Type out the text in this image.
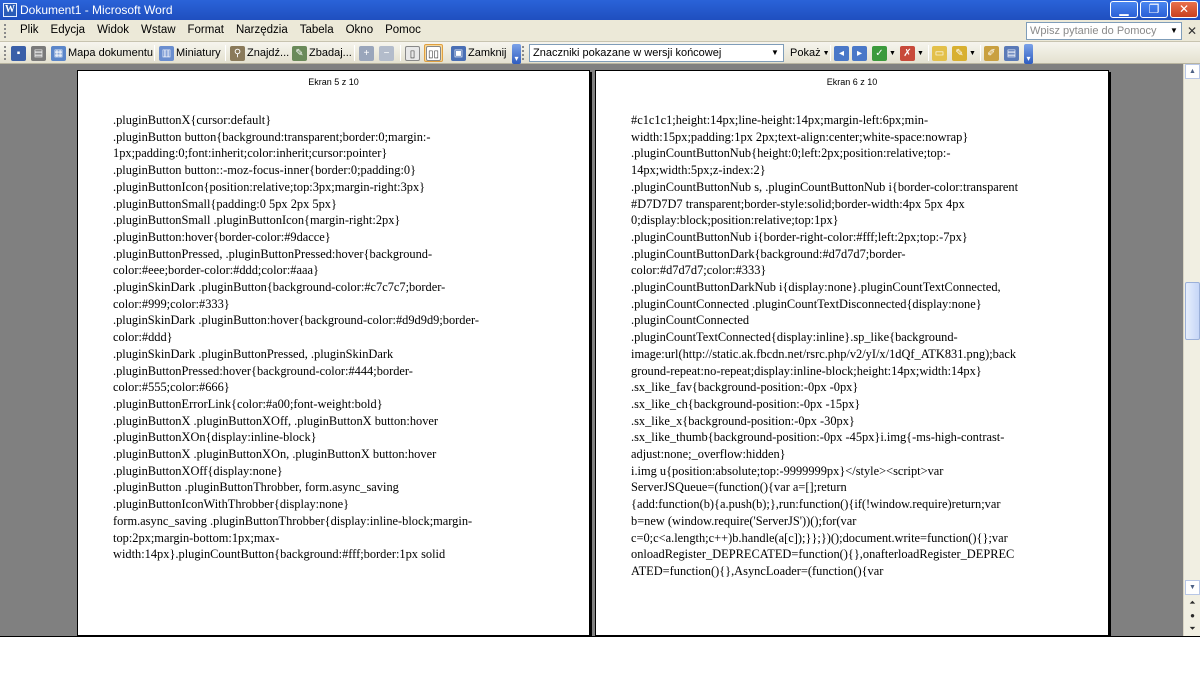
W Dokument1 - Microsoft Word	▁	❐	✕
Plik	Edycja	Widok	Wstaw	Format	Narzędzia	Tabela	Okno	Pomoc	Wpisz pytanie do Pomocy	▼ ✕
▪	▤ ▦ Mapa dokumentu ▥ Miniatury	⚲ Znajdź... ✎ Zbadaj...	+	−	▯	▯▯ ▣ Zamknij ▾	Znaczniki pokazane w wersji końcowej	▼ Pokaż ▼ ◂	▸	✓ ▼ ✗ ▼ ▭	✎ ▼	✐	▤	▾
Ekran 5 z 10
.pluginButtonX{cursor:default}
.pluginButton button{background:transparent;border:0;margin:-
1px;padding:0;font:inherit;color:inherit;cursor:pointer}
.pluginButton button::-moz-focus-inner{border:0;padding:0}
.pluginButtonIcon{position:relative;top:3px;margin-right:3px}
.pluginButtonSmall{padding:0 5px 2px 5px}
.pluginButtonSmall .pluginButtonIcon{margin-right:2px}
.pluginButton:hover{border-color:#9dacce}
.pluginButtonPressed, .pluginButtonPressed:hover{background-
color:#eee;border-color:#ddd;color:#aaa}
.pluginSkinDark .pluginButton{background-color:#c7c7c7;border-
color:#999;color:#333}
.pluginSkinDark .pluginButton:hover{background-color:#d9d9d9;border-
color:#ddd}
.pluginSkinDark .pluginButtonPressed, .pluginSkinDark
.pluginButtonPressed:hover{background-color:#444;border-
color:#555;color:#666}
.pluginButtonErrorLink{color:#a00;font-weight:bold}
.pluginButtonX .pluginButtonXOff, .pluginButtonX button:hover
.pluginButtonXOn{display:inline-block}
.pluginButtonX .pluginButtonXOn, .pluginButtonX button:hover
.pluginButtonXOff{display:none}
.pluginButton .pluginButtonThrobber, form.async_saving
.pluginButtonIconWithThrobber{display:none}
form.async_saving .pluginButtonThrobber{display:inline-block;margin-
top:2px;margin-bottom:1px;max-
width:14px}.pluginCountButton{background:#fff;border:1px solid
Ekran 6 z 10
#c1c1c1;height:14px;line-height:14px;margin-left:6px;min-
width:15px;padding:1px 2px;text-align:center;white-space:nowrap}
.pluginCountButtonNub{height:0;left:2px;position:relative;top:-
14px;width:5px;z-index:2}
.pluginCountButtonNub s, .pluginCountButtonNub i{border-color:transparent
#D7D7D7 transparent;border-style:solid;border-width:4px 5px 4px
0;display:block;position:relative;top:1px}
.pluginCountButtonNub i{border-right-color:#fff;left:2px;top:-7px}
.pluginCountButtonDark{background:#d7d7d7;border-
color:#d7d7d7;color:#333}
.pluginCountButtonDarkNub i{display:none}.pluginCountTextConnected,
.pluginCountConnected .pluginCountTextDisconnected{display:none}
.pluginCountConnected
.pluginCountTextConnected{display:inline}.sp_like{background-
image:url(http://static.ak.fbcdn.net/rsrc.php/v2/yI/x/1dQf_ATK831.png);back
ground-repeat:no-repeat;display:inline-block;height:14px;width:14px}
.sx_like_fav{background-position:-0px -0px}
.sx_like_ch{background-position:-0px -15px}
.sx_like_x{background-position:-0px -30px}
.sx_like_thumb{background-position:-0px -45px}i.img{-ms-high-contrast-
adjust:none;_overflow:hidden}
i.img u{position:absolute;top:-9999999px}</style><script>var
ServerJSQueue=(function(){var a=[];return
{add:function(b){a.push(b);},run:function(){if(!window.require)return;var
b=new (window.require('ServerJS'))();for(var
c=0;c<a.length;c++)b.handle(a[c]);}};})();document.write=function(){};var
onloadRegister_DEPRECATED=function(){},onafterloadRegister_DEPREC
ATED=function(){},AsyncLoader=(function(){var
▲
▼
⏶
●
⏷
